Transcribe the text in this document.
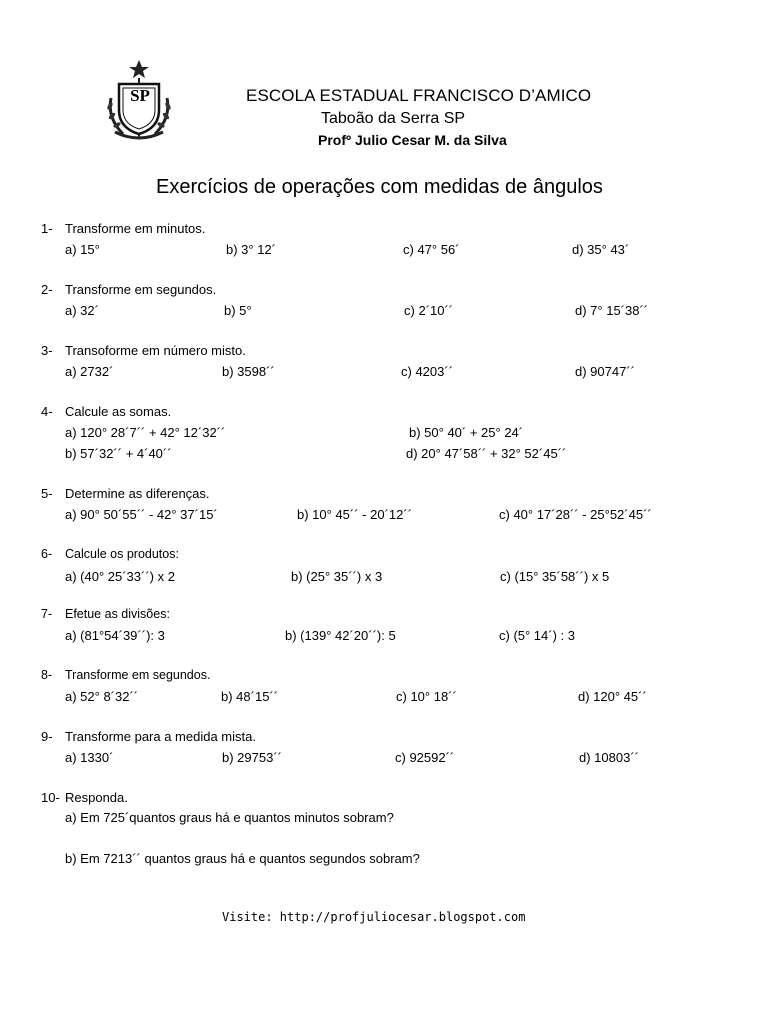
SP	ESCOLA ESTADUAL FRANCISCO D’AMICO
Taboão da Serra SP
Profº Julio Cesar M. da Silva
Exercícios de operações com medidas de ângulos
1- Transforme em minutos.
a) 15°	b) 3° 12´	c) 47° 56´	d) 35° 43´
2- Transforme em segundos.
a) 32´	b) 5°	c) 2´10´´	d) 7° 15´38´´
3- Transoforme em número misto.
a) 2732´	b) 3598´´	c) 4203´´	d) 90747´´
4- Calcule as somas.
a) 120° 28´7´´ + 42° 12´32´´	b) 50° 40´ + 25° 24´
b) 57´32´´ + 4´40´´	d) 20° 47´58´´ + 32° 52´45´´
5- Determine as diferenças.
a) 90° 50´55´´ - 42° 37´15´	b) 10° 45´´ - 20´12´´	c) 40° 17´28´´ - 25°52´45´´
6- Calcule os produtos:
a) (40° 25´33´´) x 2	b) (25° 35´´) x 3	c) (15° 35´58´´) x 5
7- Efetue as divisões:
a) (81°54´39´´): 3	b) (139° 42´20´´): 5	c) (5° 14´) : 3
8- Transforme em segundos.
a) 52° 8´32´´	b) 48´15´´	c) 10° 18´´	d) 120° 45´´
9- Transforme para a medida mista.
a) 1330´	b) 29753´´	c) 92592´´	d) 10803´´
10- Responda.
a) Em 725´quantos graus há e quantos minutos sobram?
b) Em 7213´´ quantos graus há e quantos segundos sobram?
Visite: http://profjuliocesar.blogspot.com
